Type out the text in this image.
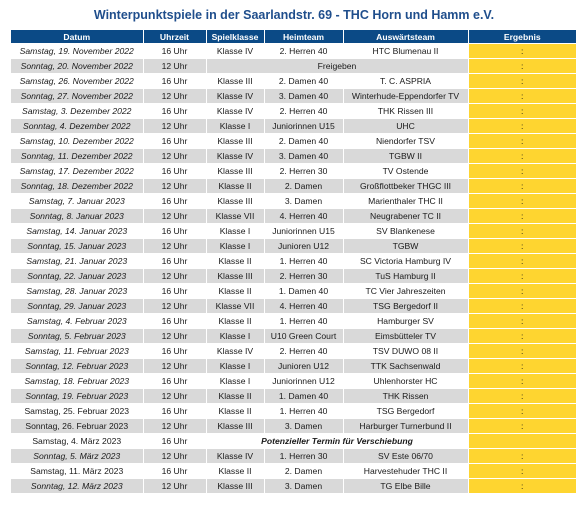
Winterpunktspiele in der Saarlandstr. 69 - THC Horn und Hamm e.V.
Datum	Uhrzeit	Spielklasse	Heimteam	Auswärtsteam	Ergebnis
Samstag, 19. November 2022	16 Uhr	Klasse IV	2. Herren 40	HTC Blumenau II	:
Sonntag, 20. November 2022	12 Uhr	Freigeben			:
Samstag, 26. November 2022	16 Uhr	Klasse III	2. Damen 40	T. C. ASPRIA	:
Sonntag, 27. November 2022	12 Uhr	Klasse IV	3. Damen 40	Winterhude-Eppendorfer TV	:
Samstag, 3. Dezember 2022	16 Uhr	Klasse IV	2. Herren 40	THK Rissen III	:
Sonntag, 4. Dezember 2022	12 Uhr	Klasse I	Juniorinnen U15	UHC	:
Samstag, 10. Dezember 2022	16 Uhr	Klasse III	2. Damen 40	Niendorfer TSV	:
Sonntag, 11. Dezember 2022	12 Uhr	Klasse IV	3. Damen 40	TGBW II	:
Samstag, 17. Dezember 2022	16 Uhr	Klasse III	2. Herren 30	TV Ostende	:
Sonntag, 18. Dezember 2022	12 Uhr	Klasse II	2. Damen	Großflottbeker THGC III	:
Samstag, 7. Januar 2023	16 Uhr	Klasse III	3. Damen	Marienthaler THC II	:
Sonntag, 8. Januar 2023	12 Uhr	Klasse VII	4. Herren 40	Neugrabener TC II	:
Samstag, 14. Januar 2023	16 Uhr	Klasse I	Juniorinnen U15	SV Blankenese	:
Sonntag, 15. Januar 2023	12 Uhr	Klasse I	Junioren U12	TGBW	:
Samstag, 21. Januar 2023	16 Uhr	Klasse II	1. Herren 40	SC Victoria Hamburg IV	:
Sonntag, 22. Januar 2023	12 Uhr	Klasse III	2. Herren 30	TuS Hamburg II	:
Samstag, 28. Januar 2023	16 Uhr	Klasse II	1. Damen 40	TC Vier Jahreszeiten	:
Sonntag, 29. Januar 2023	12 Uhr	Klasse VII	4. Herren 40	TSG Bergedorf II	:
Samstag, 4. Februar 2023	16 Uhr	Klasse II	1. Herren 40	Hamburger SV	:
Sonntag, 5. Februar 2023	12 Uhr	Klasse I	U10 Green Court	Eimsbütteler TV	:
Samstag, 11. Februar 2023	16 Uhr	Klasse IV	2. Herren 40	TSV DUWO 08 II	:
Sonntag, 12. Februar 2023	12 Uhr	Klasse I	Junioren U12	TTK Sachsenwald	:
Samstag, 18. Februar 2023	16 Uhr	Klasse I	Juniorinnen U12	Uhlenhorster HC	:
Sonntag, 19. Februar 2023	12 Uhr	Klasse II	1. Damen 40	THK Rissen	:
Samstag, 25. Februar 2023	16 Uhr	Klasse II	1. Herren 40	TSG Bergedorf	:
Sonntag, 26. Februar 2023	12 Uhr	Klasse III	3. Damen	Harburger Turnerbund II	:
Samstag, 4. März 2023	16 Uhr	Potenzieller Termin für Verschiebung			
Sonntag, 5. März 2023	12 Uhr	Klasse IV	1. Herren 30	SV Este 06/70	:
Samstag, 11. März 2023	16 Uhr	Klasse II	2. Damen	Harvestehuder THC II	:
Sonntag, 12. März 2023	12 Uhr	Klasse III	3. Damen	TG Elbe Bille	:
